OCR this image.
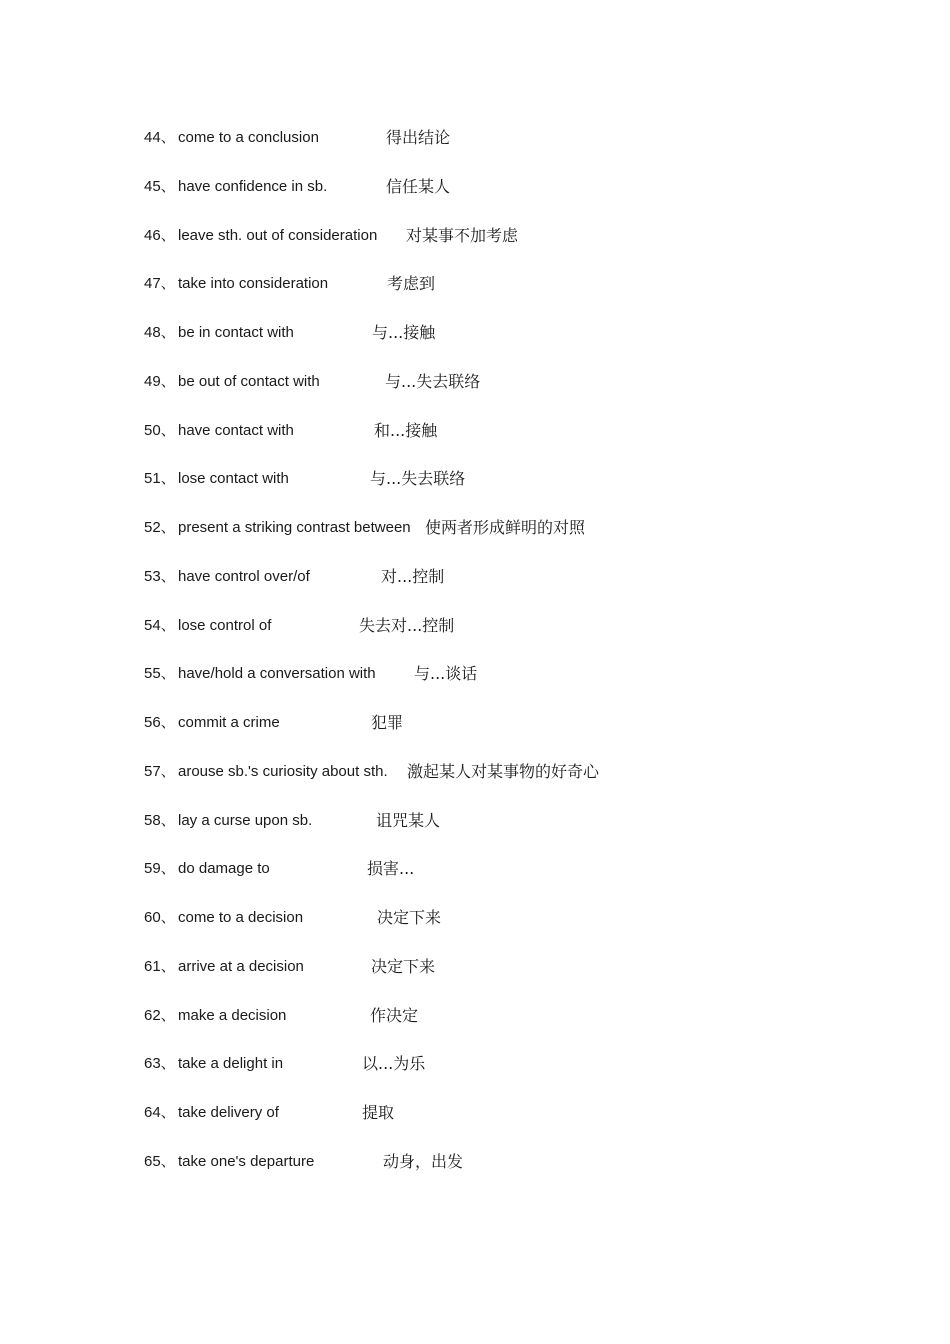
44、 come to a conclusion	得出结论
45、 have confidence in sb.	信任某人
46、 leave sth. out of consideration 对某事不加考虑
47、 take into consideration	考虑到
48、 be in contact with	与...接触
49、 be out of contact with	与...失去联络
50、 have contact with	和...接触
51、 lose contact with	与...失去联络
52、 present a striking contrast between 使两者形成鲜明的对照
53、 have control over/of	对...控制
54、 lose control of	失去对...控制
55、 have/hold a conversation with 与...谈话
56、 commit a crime	犯罪
57、 arouse sb.'s curiosity about sth. 激起某人对某事物的好奇心
58、 lay a curse upon sb.	诅咒某人
59、 do damage to	损害...
60、 come to a decision	决定下来
61、 arrive at a decision	决定下来
62、 make a decision	作决定
63、 take a delight in	以...为乐
64、 take delivery of	提取
65、 take one's departure	动身，出发
